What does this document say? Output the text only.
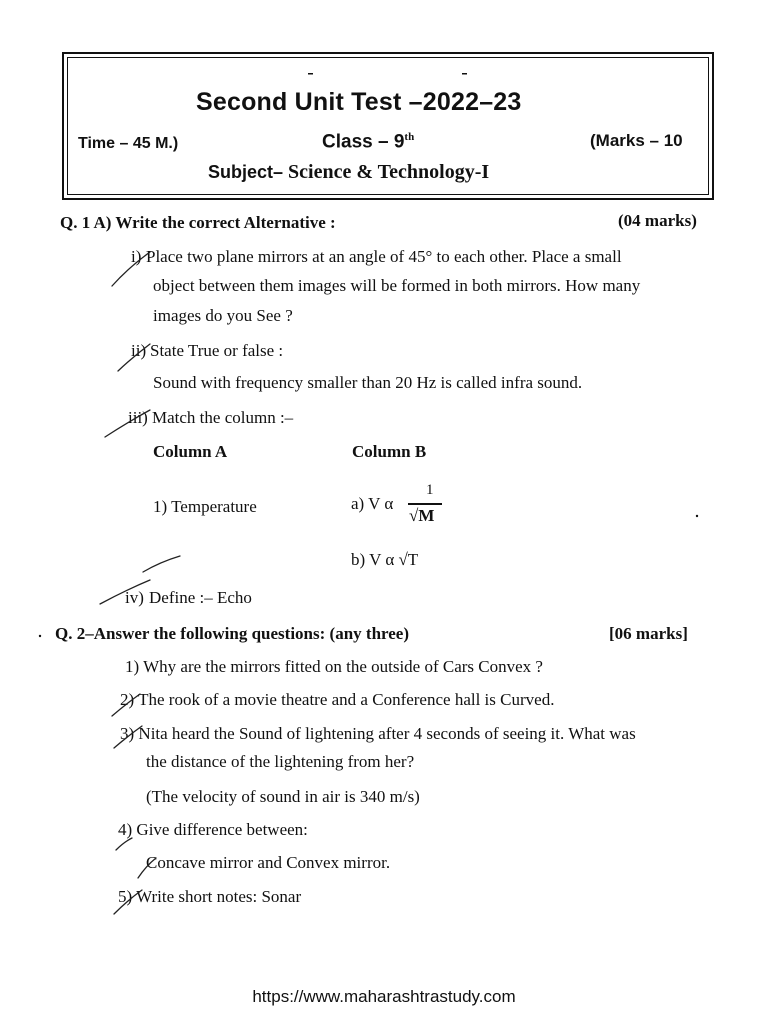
Second Unit Test –2022–23
Time – 45 M.)	Class – 9th	(Marks – 10
Subject– Science & Technology-I
Q. 1 A) Write the correct Alternative :	(04 marks)
i) Place two plane mirrors at an angle of 45° to each other. Place a small
object between them images will be formed in both mirrors. How many
images do you See ?
ii) State True or false :
Sound with frequency smaller than 20 Hz is called infra sound.
iii) Match the column :–
Column A	Column B
1) Temperature	a) V α
1
√M
b) V α √T
iv) Define :– Echo
Q. 2–Answer the following questions: (any three)	[06 marks]
1) Why are the mirrors fitted on the outside of Cars Convex ?
2) The rook of a movie theatre and a Conference hall is Curved.
3) Nita heard the Sound of lightening after 4 seconds of seeing it. What was
the distance of the lightening from her?
(The velocity of sound in air is 340 m/s)
4) Give difference between:
Concave mirror and Convex mirror.
5) Write short notes: Sonar
https://www.maharashtrastudy.com
